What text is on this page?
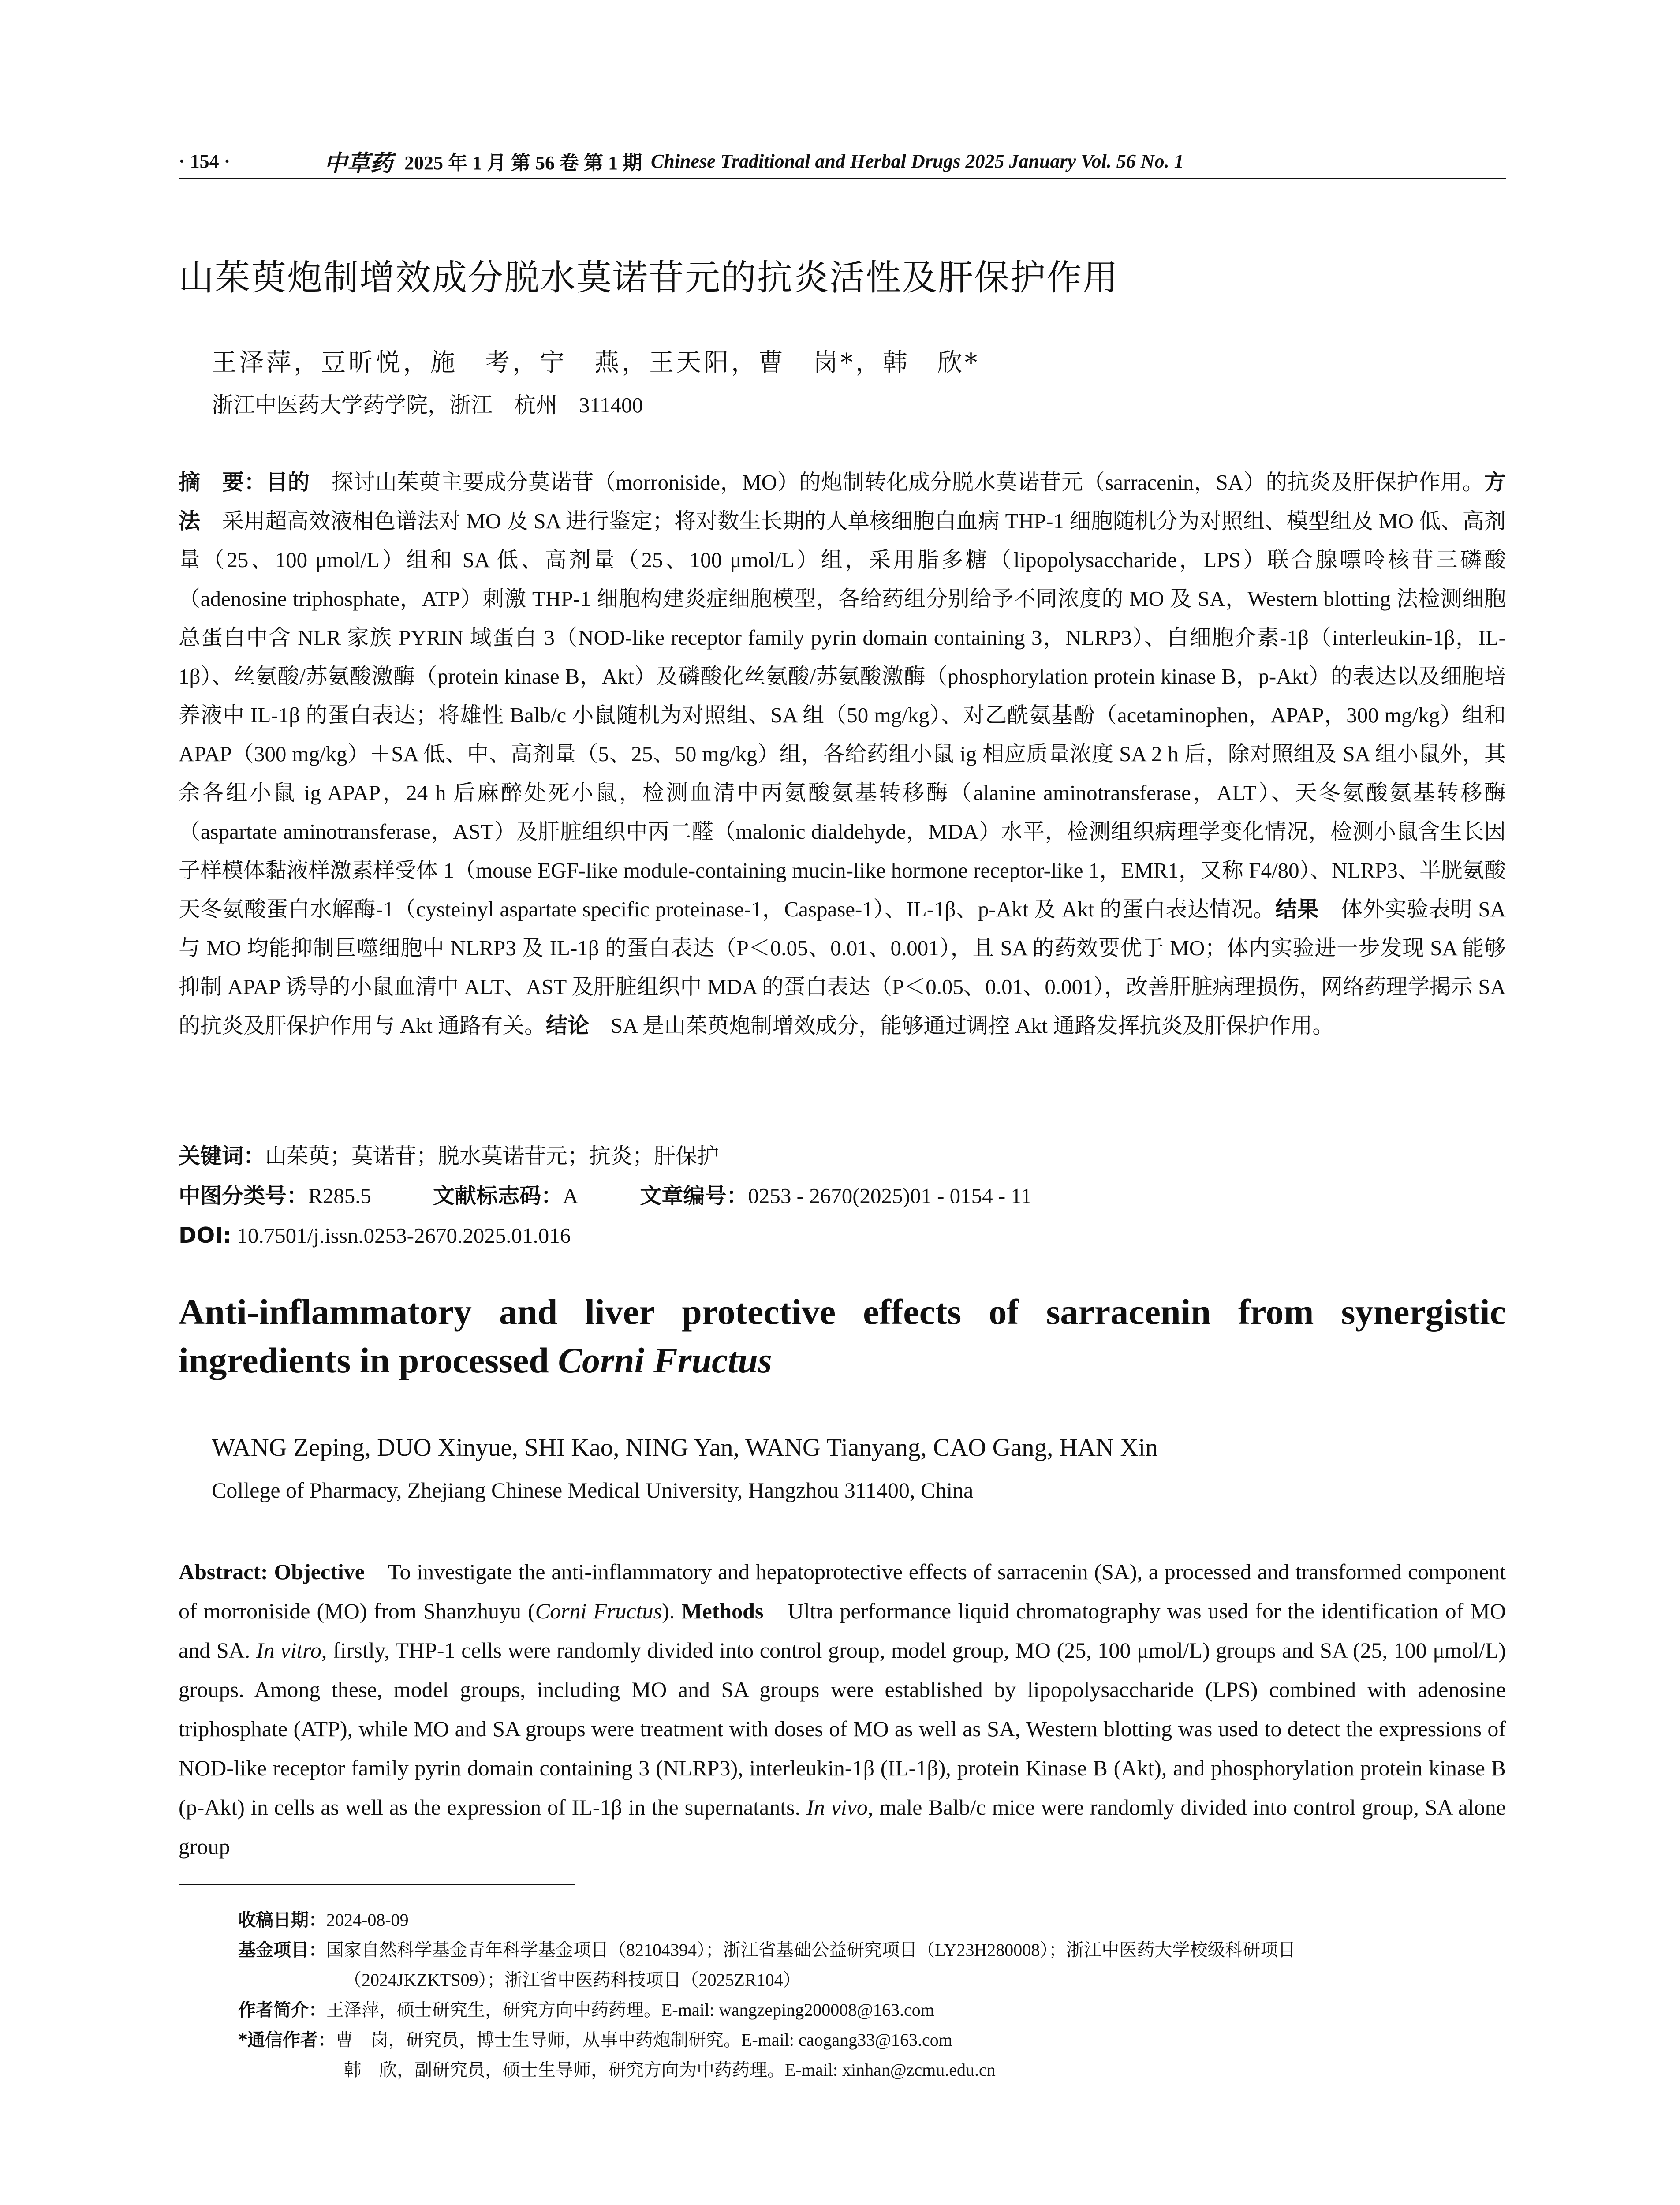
· 154 ·	中草药 2025 年 1 月 第 56 卷 第 1 期 Chinese Traditional and Herbal Drugs 2025 January Vol. 56 No. 1
山茱萸炮制增效成分脱水莫诺苷元的抗炎活性及肝保护作用
王泽萍，豆昕悦，施　考，宁　燕，王天阳，曹　岗*，韩　欣*
浙江中医药大学药学院，浙江　杭州　311400
摘　要：目的　 探讨山茱萸主要成分莫诺苷（morroniside，MO）的炮制转化成分脱水莫诺苷元（sarracenin，SA）的抗炎及肝保护作用。方法　 采用超高效液相色谱法对 MO 及 SA 进行鉴定；将对数生长期的人单核细胞白血病 THP-1 细胞随机分为对照组、模型组及 MO 低、高剂量（25、100 μmol/L）组和 SA 低、高剂量（25、100 μmol/L）组，采用脂多糖（lipopolysaccharide，LPS）联合腺嘌呤核苷三磷酸（adenosine triphosphate，ATP）刺激 THP-1 细胞构建炎症细胞模型，各给药组分别给予不同浓度的 MO 及 SA，Western blotting 法检测细胞总蛋白中含 NLR 家族 PYRIN 域蛋白 3（NOD-like receptor family pyrin domain containing 3，NLRP3）、白细胞介素-1β（interleukin-1β，IL-1β）、丝氨酸/苏氨酸激酶（protein kinase B，Akt）及磷酸化丝氨酸/苏氨酸激酶（phosphorylation protein kinase B，p-Akt）的表达以及细胞培养液中 IL-1β 的蛋白表达；将雄性 Balb/c 小鼠随机为对照组、SA 组（50 mg/kg）、对乙酰氨基酚（acetaminophen，APAP，300 mg/kg）组和 APAP（300 mg/kg）＋SA 低、中、高剂量（5、25、50 mg/kg）组，各给药组小鼠 ig 相应质量浓度 SA 2 h 后，除对照组及 SA 组小鼠外，其余各组小鼠 ig APAP，24 h 后麻醉处死小鼠，检测血清中丙氨酸氨基转移酶（alanine aminotransferase，ALT）、天冬氨酸氨基转移酶（aspartate aminotransferase，AST）及肝脏组织中丙二醛（malonic dialdehyde，MDA）水平，检测组织病理学变化情况，检测小鼠含生长因子样模体黏液样激素样受体 1（mouse EGF-like module-containing mucin-like hormone receptor-like 1，EMR1，又称 F4/80）、NLRP3、半胱氨酸天冬氨酸蛋白水解酶-1（cysteinyl aspartate specific proteinase-1，Caspase-1）、IL-1β、p-Akt 及 Akt 的蛋白表达情况。结果　 体外实验表明 SA 与 MO 均能抑制巨噬细胞中 NLRP3 及 IL-1β 的蛋白表达（P＜0.05、0.01、0.001），且 SA 的药效要优于 MO；体内实验进一步发现 SA 能够抑制 APAP 诱导的小鼠血清中 ALT、AST 及肝脏组织中 MDA 的蛋白表达（P＜0.05、0.01、0.001），改善肝脏病理损伤，网络药理学揭示 SA 的抗炎及肝保护作用与 Akt 通路有关。结论　 SA 是山茱萸炮制增效成分，能够通过调控 Akt 通路发挥抗炎及肝保护作用。
关键词：山茱萸；莫诺苷；脱水莫诺苷元；抗炎；肝保护
中图分类号：R285.5	文献标志码：A	文章编号：0253 - 2670(2025)01 - 0154 - 11
DOI: 10.7501/j.issn.0253-2670.2025.01.016
Anti-inflammatory and liver protective effects of sarracenin from synergistic ingredients in processed Corni Fructus
WANG Zeping, DUO Xinyue, SHI Kao, NING Yan, WANG Tianyang, CAO Gang, HAN Xin
College of Pharmacy, Zhejiang Chinese Medical University, Hangzhou 311400, China
Abstract: Objective　 To investigate the anti-inflammatory and hepatoprotective effects of sarracenin (SA), a processed and transformed component of morroniside (MO) from Shanzhuyu (Corni Fructus). Methods　 Ultra performance liquid chromatography was used for the identification of MO and SA. In vitro, firstly, THP-1 cells were randomly divided into control group, model group, MO (25, 100 μmol/L) groups and SA (25, 100 μmol/L) groups. Among these, model groups, including MO and SA groups were established by lipopolysaccharide (LPS) combined with adenosine triphosphate (ATP), while MO and SA groups were treatment with doses of MO as well as SA, Western blotting was used to detect the expressions of NOD-like receptor family pyrin domain containing 3 (NLRP3), interleukin-1β (IL-1β), protein Kinase B (Akt), and phosphorylation protein kinase B (p-Akt) in cells as well as the expression of IL-1β in the supernatants. In vivo, male Balb/c mice were randomly divided into control group, SA alone group
收稿日期： 2024-08-09
基金项目： 国家自然科学基金青年科学基金项目（82104394）；浙江省基础公益研究项目（LY23H280008）；浙江中医药大学校级科研项目
（2024JKZKTS09）；浙江省中医药科技项目（2025ZR104）
作者简介： 王泽萍，硕士研究生，研究方向中药药理。E-mail: wangzeping200008@163.com
*通信作者： 曹　岗，研究员，博士生导师，从事中药炮制研究。E-mail: caogang33@163.com
韩　欣，副研究员，硕士生导师，研究方向为中药药理。E-mail: xinhan@zcmu.edu.cn
